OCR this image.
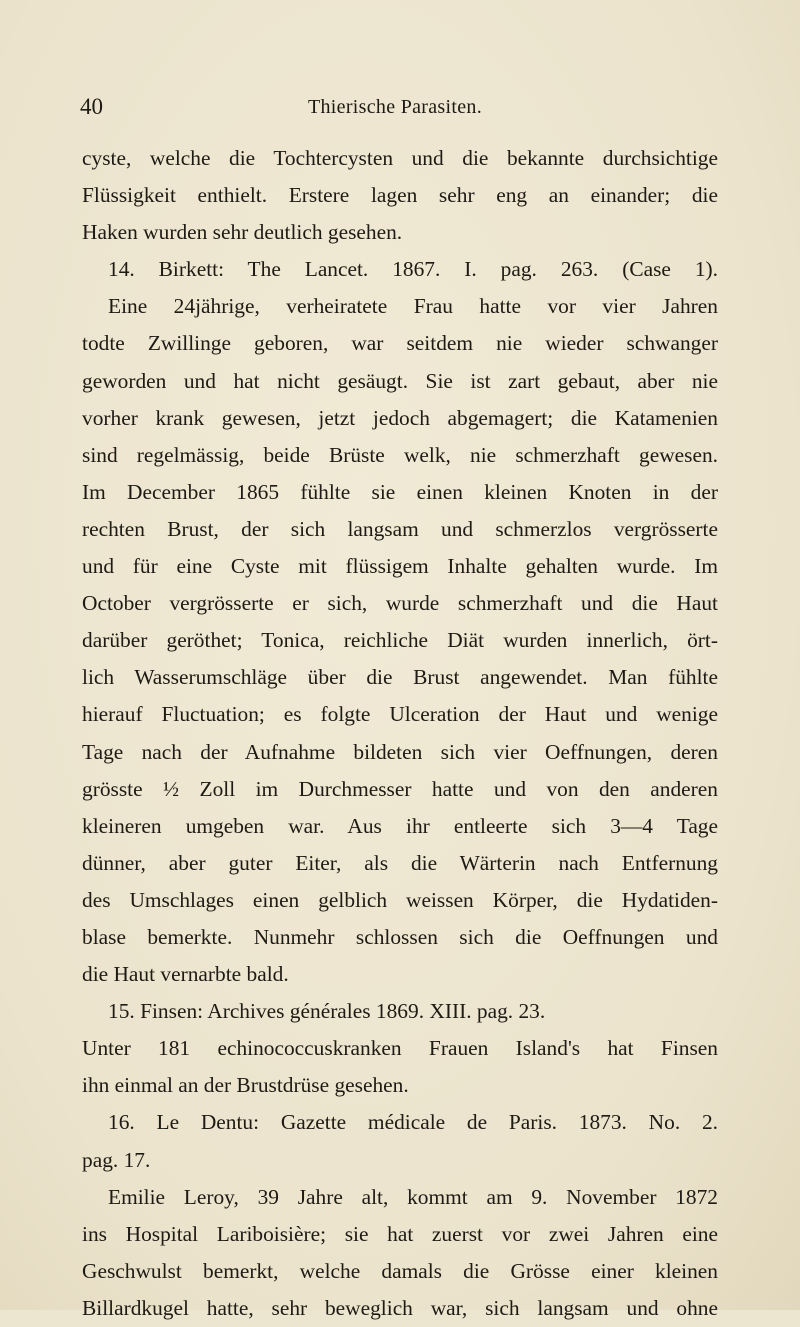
40	Thierische Parasiten.
cyste, welche die Tochtercysten und die bekannte durchsichtige
Flüssigkeit enthielt. Erstere lagen sehr eng an einander; die
Haken wurden sehr deutlich gesehen.
14. Birkett: The Lancet. 1867. I. pag. 263. (Case 1).
Eine 24jährige, verheiratete Frau hatte vor vier Jahren
todte Zwillinge geboren, war seitdem nie wieder schwanger
geworden und hat nicht gesäugt. Sie ist zart gebaut, aber nie
vorher krank gewesen, jetzt jedoch abgemagert; die Katamenien
sind regelmässig, beide Brüste welk, nie schmerzhaft gewesen.
Im December 1865 fühlte sie einen kleinen Knoten in der
rechten Brust, der sich langsam und schmerzlos vergrösserte
und für eine Cyste mit flüssigem Inhalte gehalten wurde. Im
October vergrösserte er sich, wurde schmerzhaft und die Haut
darüber geröthet; Tonica, reichliche Diät wurden innerlich, ört-
lich Wasserumschläge über die Brust angewendet. Man fühlte
hierauf Fluctuation; es folgte Ulceration der Haut und wenige
Tage nach der Aufnahme bildeten sich vier Oeffnungen, deren
grösste ½ Zoll im Durchmesser hatte und von den anderen
kleineren umgeben war. Aus ihr entleerte sich 3—4 Tage
dünner, aber guter Eiter, als die Wärterin nach Entfernung
des Umschlages einen gelblich weissen Körper, die Hydatiden-
blase bemerkte. Nunmehr schlossen sich die Oeffnungen und
die Haut vernarbte bald.
15. Finsen: Archives générales 1869. XIII. pag. 23.
Unter 181 echinococcuskranken Frauen Island's hat Finsen
ihn einmal an der Brustdrüse gesehen.
16. Le Dentu: Gazette médicale de Paris. 1873. No. 2.
pag. 17.
Emilie Leroy, 39 Jahre alt, kommt am 9. November 1872
ins Hospital Lariboisière; sie hat zuerst vor zwei Jahren eine
Geschwulst bemerkt, welche damals die Grösse einer kleinen
Billardkugel hatte, sehr beweglich war, sich langsam und ohne
